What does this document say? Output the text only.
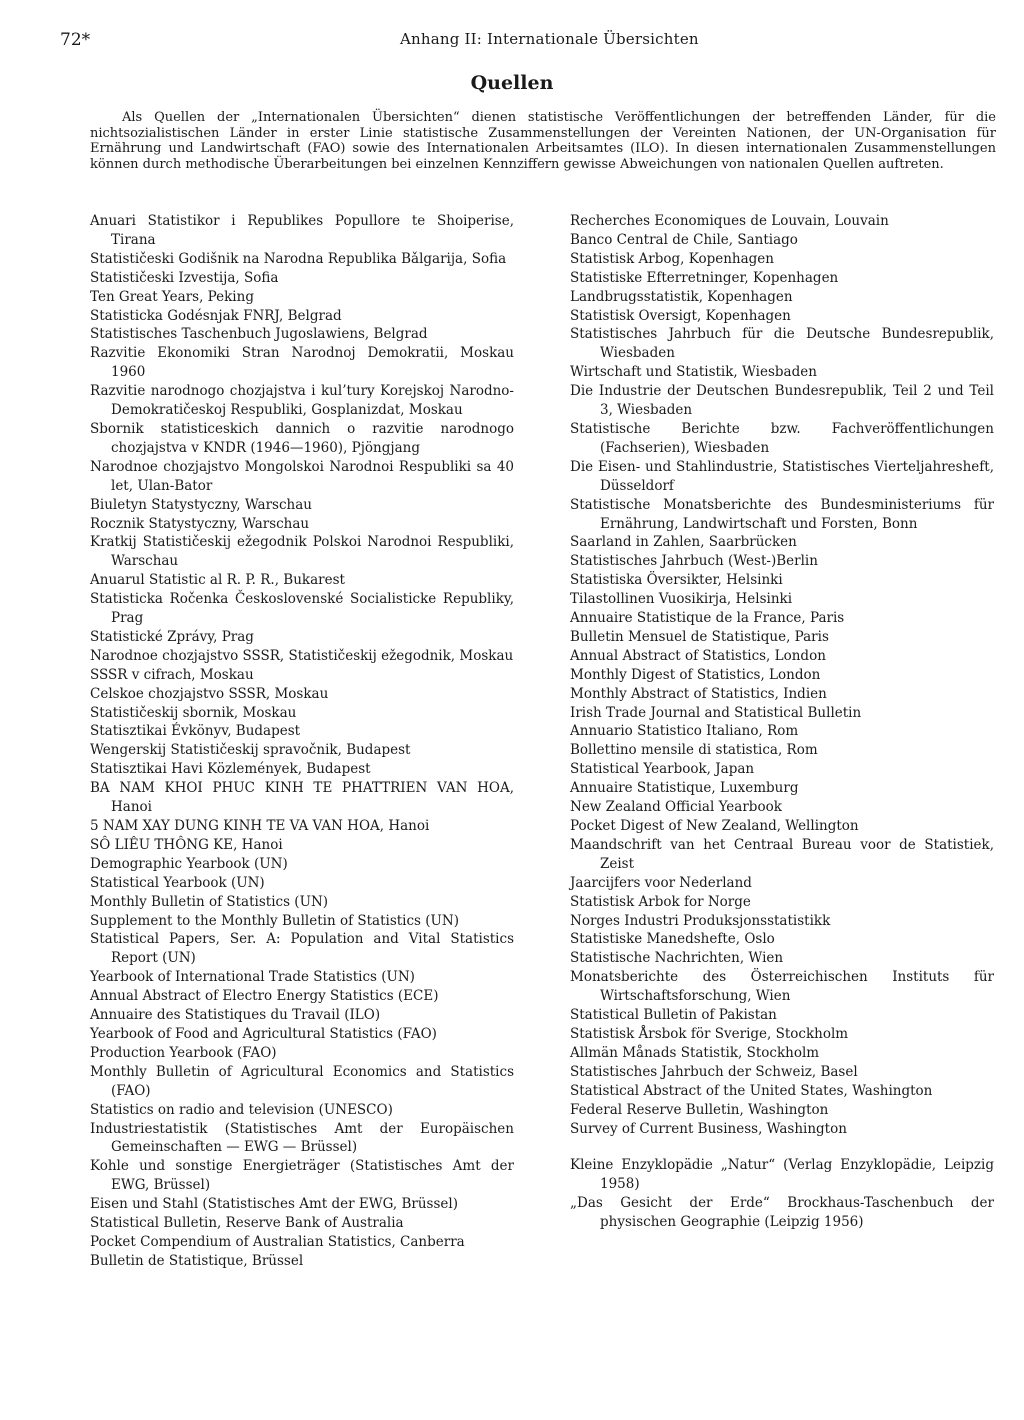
72*	Anhang II: Internationale Übersichten
Quellen

Als Quellen der „Internationalen Übersichten“ dienen statistische Veröffentlichungen der betreffenden Länder, für die nichtsozialistischen Länder in erster Linie statistische Zusammenstellungen der Vereinten Nationen, der UN-Organisation für Ernährung und Landwirtschaft (FAO) sowie des Internationalen Arbeitsamtes (ILO). In diesen internationalen Zusammenstellungen können durch methodische Überarbeitungen bei einzelnen Kennziffern gewisse Abweichungen von nationalen Quellen auftreten.

Anuari Statistikor i Republikes Popullore te Shoiperise, Tirana
Statističeski Godišnik na Narodna Republika Bǎlgarija, Sofia
Statističeski Izvestija, Sofia
Ten Great Years, Peking
Statisticka Godésnjak FNRJ, Belgrad
Statistisches Taschenbuch Jugoslawiens, Belgrad
Razvitie Ekonomiki Stran Narodnoj Demokratii, Moskau 1960
Razvitie narodnogo chozjajstva i kul’tury Korejskoj Narodno-Demokratičeskoj Respubliki, Gosplanizdat, Moskau
Sbornik statisticeskich dannich o razvitie narodnogo chozjajstva v KNDR (1946—1960), Pjöngjang
Narodnoe chozjajstvo Mongolskoi Narodnoi Respubliki sa 40 let, Ulan-Bator
Biuletyn Statystyczny, Warschau
Rocznik Statystyczny, Warschau
Kratkij Statističeskij ežegodnik Polskoi Narodnoi Respubliki, Warschau
Anuarul Statistic al R. P. R., Bukarest
Statisticka Ročenka Československé Socialisticke Republiky, Prag
Statistické Zprávy, Prag
Narodnoe chozjajstvo SSSR, Statističeskij ežegodnik, Moskau
SSSR v cifrach, Moskau
Celskoe chozjajstvo SSSR, Moskau
Statističeskij sbornik, Moskau
Statisztikai Évkönyv, Budapest
Wengerskij Statističeskij spravočnik, Budapest
Statisztikai Havi Közlemények, Budapest
BA NAM KHOI PHUC KINH TE PHATTRIEN VAN HOA, Hanoi
5 NAM XAY DUNG KINH TE VA VAN HOA, Hanoi
SÔ LIÊU THÔNG KE, Hanoi
Demographic Yearbook (UN)
Statistical Yearbook (UN)
Monthly Bulletin of Statistics (UN)
Supplement to the Monthly Bulletin of Statistics (UN)
Statistical Papers, Ser. A: Population and Vital Statistics Report (UN)
Yearbook of International Trade Statistics (UN)
Annual Abstract of Electro Energy Statistics (ECE)
Annuaire des Statistiques du Travail (ILO)
Yearbook of Food and Agricultural Statistics (FAO)
Production Yearbook (FAO)
Monthly Bulletin of Agricultural Economics and Statistics (FAO)
Statistics on radio and television (UNESCO)
Industriestatistik (Statistisches Amt der Europäischen Gemeinschaften — EWG — Brüssel)
Kohle und sonstige Energieträger (Statistisches Amt der EWG, Brüssel)
Eisen und Stahl (Statistisches Amt der EWG, Brüssel)
Statistical Bulletin, Reserve Bank of Australia
Pocket Compendium of Australian Statistics, Canberra
Bulletin de Statistique, Brüssel
Recherches Economiques de Louvain, Louvain
Banco Central de Chile, Santiago
Statistisk Arbog, Kopenhagen
Statistiske Efterretninger, Kopenhagen
Landbrugsstatistik, Kopenhagen
Statistisk Oversigt, Kopenhagen
Statistisches Jahrbuch für die Deutsche Bundesrepublik, Wiesbaden
Wirtschaft und Statistik, Wiesbaden
Die Industrie der Deutschen Bundesrepublik, Teil 2 und Teil 3, Wiesbaden
Statistische Berichte bzw. Fachveröffentlichungen (Fachserien), Wiesbaden
Die Eisen- und Stahlindustrie, Statistisches Vierteljahresheft, Düsseldorf
Statistische Monatsberichte des Bundesministeriums für Ernährung, Landwirtschaft und Forsten, Bonn
Saarland in Zahlen, Saarbrücken
Statistisches Jahrbuch (West-)Berlin
Statistiska Översikter, Helsinki
Tilastollinen Vuosikirja, Helsinki
Annuaire Statistique de la France, Paris
Bulletin Mensuel de Statistique, Paris
Annual Abstract of Statistics, London
Monthly Digest of Statistics, London
Monthly Abstract of Statistics, Indien
Irish Trade Journal and Statistical Bulletin
Annuario Statistico Italiano, Rom
Bollettino mensile di statistica, Rom
Statistical Yearbook, Japan
Annuaire Statistique, Luxemburg
New Zealand Official Yearbook
Pocket Digest of New Zealand, Wellington
Maandschrift van het Centraal Bureau voor de Statistiek, Zeist
Jaarcijfers voor Nederland
Statistisk Arbok for Norge
Norges Industri Produksjonsstatistikk
Statistiske Manedshefte, Oslo
Statistische Nachrichten, Wien
Monatsberichte des Österreichischen Instituts für Wirtschaftsforschung, Wien
Statistical Bulletin of Pakistan
Statistisk Årsbok för Sverige, Stockholm
Allmän Månads Statistik, Stockholm
Statistisches Jahrbuch der Schweiz, Basel
Statistical Abstract of the United States, Washington
Federal Reserve Bulletin, Washington
Survey of Current Business, Washington
Kleine Enzyklopädie „Natur“ (Verlag Enzyklopädie, Leipzig 1958)
„Das Gesicht der Erde“ Brockhaus-Taschenbuch der physischen Geographie (Leipzig 1956)
